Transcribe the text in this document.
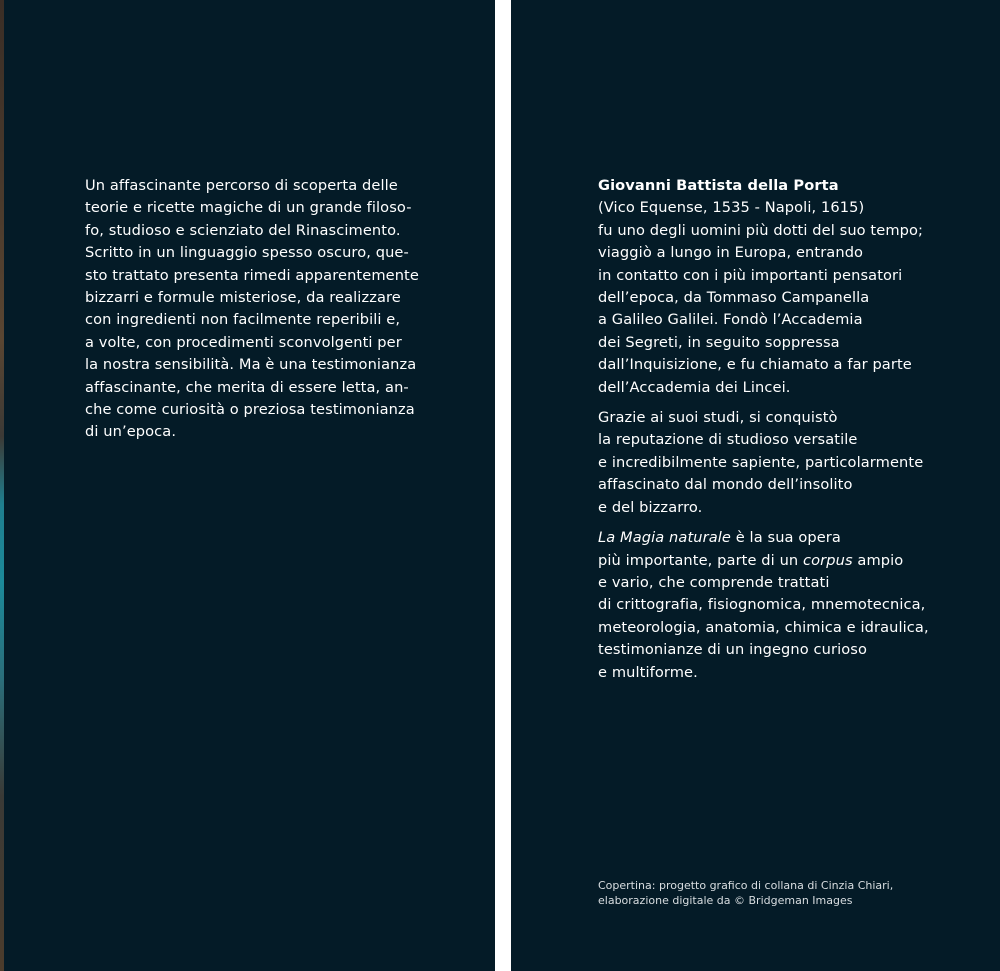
Un affascinante percorso di scoperta delle
teorie e ricette magiche di un grande filoso-
fo, studioso e scienziato del Rinascimento.
Scritto in un linguaggio spesso oscuro, que-
sto trattato presenta rimedi apparentemente
bizzarri e formule misteriose, da realizzare
con ingredienti non facilmente reperibili e,
a volte, con procedimenti sconvolgenti per
la nostra sensibilità. Ma è una testimonianza
affascinante, che merita di essere letta, an-
che come curiosità o preziosa testimonianza
di un’epoca.
Giovanni Battista della Porta
(Vico Equense, 1535 - Napoli, 1615)
fu uno degli uomini più dotti del suo tempo;
viaggiò a lungo in Europa, entrando
in contatto con i più importanti pensatori
dell’epoca, da Tommaso Campanella
a Galileo Galilei. Fondò l’Accademia
dei Segreti, in seguito soppressa
dall’Inquisizione, e fu chiamato a far parte
dell’Accademia dei Lincei.
Grazie ai suoi studi, si conquistò
la reputazione di studioso versatile
e incredibilmente sapiente, particolarmente
affascinato dal mondo dell’insolito
e del bizzarro.
La Magia naturale è la sua opera
più importante, parte di un corpus ampio
e vario, che comprende trattati
di crittografia, fisiognomica, mnemotecnica,
meteorologia, anatomia, chimica e idraulica,
testimonianze di un ingegno curioso
e multiforme.
Copertina: progetto grafico di collana di Cinzia Chiari,
elaborazione digitale da © Bridgeman Images
